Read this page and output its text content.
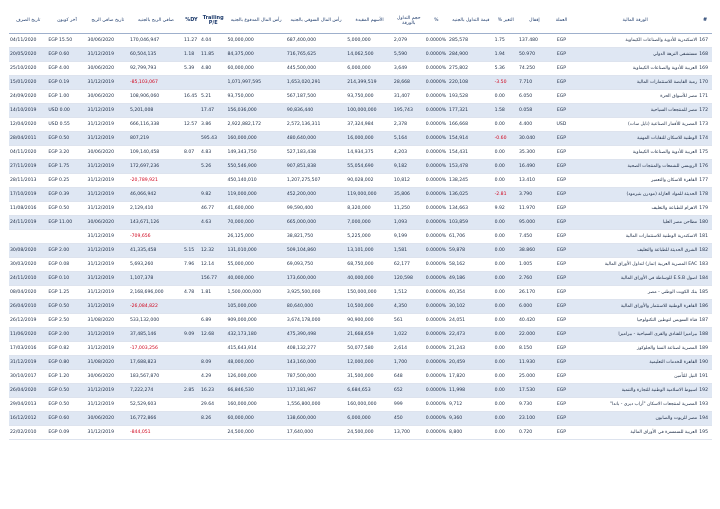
#	الورقة المالية	العملة	إقفال	التغير %	قيمة التداول بالجنيه	%	حجم التداول بالورقة	الأسهم المقيدة	رأس المال السوقي بالجنيه	رأس المال المدفوع بالجنيه	Trailing P/E	DY%	صافي الربح بالجنيه	تاريخ صافي الربح	آخر كوبون	تاريخ الصرف
167	الاسكندرية للأدوية والصناعات الكيماوية	EGP	137.480	1.75	285,578	0.0000%	2,079	5,000,000	687,400,000	50,000,000	4.04	11.27	170,046,947	30/06/2020	EGP 15.50	04/11/2020
168	مستشفى النزهة الدولي	EGP	50.970	1.94	284,900	0.0000%	5,590	14,062,500	716,765,625	84,375,000	11.85	1.18	60,504,135	31/12/2019	EGP 0.60	20/05/2020
169	العربية للأدوية والصناعات الكيماوية	EGP	74.250	5.36	275,802	0.0000%	3,649	6,000,000	445,500,000	60,000,000	4.80	5.39	92,799,793	30/06/2020	EGP 4.00	25/10/2020
170	رمبة القابضة للاستثمارات المالية	EGP	7.710	-3.50	220,108	0.0000%	28,668	214,399,519	1,653,020,291	1,071,997,595			-85,103,067	31/12/2019	EGP 0.19	15/01/2020
171	مصر للأسواق الحرة	EGP	6.050	0.00	193,528	0.0000%	31,407	93,750,000	567,187,500	93,750,000	5.21	16.45	108,906,060	30/06/2020	EGP 1.00	24/09/2020
172	مصر للمنتجعات السياحية	EGP	0.058	1.58	177,321	0.0000%	195,743	100,000,000	90,836,440	156,036,000	17.47		5,201,008	31/12/2019	USD 0.00	14/10/2019
173	المصرية للأقمار الصناعية (نايل سات)	USD	4.400	0.00	166,668	0.0000%	2,378	37,324,984	2,572,136,311	2,922,882,172	3.86	12.57	666,116,338	31/12/2019	USD 0.55	12/04/2020
174	الوطنية للاسكان للنقابات المهنية	EGP	30.040	-0.60	154,914	0.0000%	5,164	16,000,000	480,640,000	160,000,000	595.43		807,219	31/12/2019	EGP 0.50	28/04/2011
175	العربية للأدوية والصناعات الكيماوية	EGP	35.300	0.00	154,431	0.0000%	4,203	14,934,375	527,183,438	149,343,750	4.83	8.07	109,140,458	30/06/2020	EGP 3.20	04/11/2020
176	الروبسي للشمعات والمنتجات الصحية	EGP	16.490	0.00	153,478	0.0000%	9,182	55,054,690	907,851,838	550,546,900	5.26		172,697,236	31/12/2019	EGP 1.75	27/11/2019
177	القاهرة للاسكان والتعمير	EGP	13.410	0.00	138,245	0.0000%	10,812	90,028,002	1,207,275,507	450,140,010			-20,789,921	31/12/2019	EGP 0.25	28/11/2013
178	الحديثة للمواد العازلة (مودرن بتيرمود)	EGP	3.790	-2.81	136,025	0.0000%	35,806	119,000,000	452,200,000	119,000,000	9.82		46,066,942	31/12/2019	EGP 0.39	17/10/2019
179	الاهرام للطباعة والتغليف	EGP	11.970	9.92	134,663	0.0000%	11,250	8,320,000	99,590,400	41,600,000	46.77		2,129,410	31/12/2019	EGP 0.50	11/08/2016
180	مطاحن مصر العليا	EGP	95.000	0.00	103,859	0.0000%	1,093	7,000,000	665,000,000	70,000,000	4.63		143,671,126	30/06/2020	EGP 11.00	24/11/2019
181	الاسكندرية الوطنية للاستثمارات المالية	EGP	7.450	0.00	61,706	0.0000%	9,199	5,225,000	38,821,750	26,125,000			-709,656	31/12/2019		
182	الشرق الحديثة للطباعة والتغليف	EGP	38.860	0.00	59,878	0.0000%	1,581	13,101,000	509,104,860	131,010,000	12.32	5.15	41,335,458	31/12/2019	EGP 2.00	30/08/2020
183	EAC المصرية العربية (ثمار) لتداول الأوراق المالية	EGP	1.005	0.00	58,162	0.0000%	62,177	68,750,000	69,093,750	55,000,000	12.14	7.96	5,693,260	31/12/2019	EGP 0.08	30/03/2020
184	اصول E.S.B للوساطة في الأوراق المالية	EGP	2.760	0.00	49,186	0.0000%	120,598	40,000,000	173,600,000	40,000,000	156.77		1,107,378	31/12/2019	EGP 0.10	24/11/2010
185	بنك الكويت الوطني - مصر	EGP	26.170	0.00	40,354	0.0000%	1,512	150,000,000	3,925,500,000	1,500,000,000	1.81	4.78	2,168,696,000	31/12/2019	EGP 1.25	08/04/2020
186	القاهرة الوطنية للاستثمار والأوراق المالية	EGP	6.000	0.00	30,102	0.0000%	4,350	10,500,000	80,640,000	105,000,000			-26,084,822	31/12/2019	EGP 0.50	26/04/2010
187	قناة السويس لتوطين التكنولوجيا	EGP	40.420	0.00	24,051	0.0000%	561	90,900,000	3,674,178,000	909,000,000	6.89		533,132,000	31/08/2020	EGP 2.50	26/12/2019
188	بيراميزا للفنادق والقرى السياحية - بيراميزا	EGP	22.000	0.00	22,473	0.0000%	1,022	21,668,659	475,390,498	432,173,180	12.68	9.09	37,485,146	31/12/2019	EGP 2.00	11/06/2020
189	المصرية لصناعة النشا والجلوكوز	EGP	8.150	0.00	21,243	0.0000%	2,614	50,077,580	408,132,277	415,643,914			-17,003,256	31/12/2019	EGP 0.82	17/03/2016
190	القاهرة للخدمات التعليمية	EGP	11.930	0.00	20,459	0.0000%	1,700	12,000,000	143,160,000	48,000,000	8.09		17,688,823	31/08/2020	EGP 0.80	31/12/2019
191	النيل للتأمين	EGP	25.000	0.00	17,820	0.0000%	648	31,500,000	787,500,000	126,000,000	4.29		183,567,870	30/06/2020	EGP 1.20	30/10/2017
192	اسيوط الاسلامية الوطنية للتجارة والتنمية	EGP	17.530	0.00	11,998	0.0000%	652	6,684,653	117,181,967	66,846,530	16.23	2.85	7,222,274	31/12/2019	EGP 0.50	26/04/2020
193	المصرية لمنتجعات الاسكان "أراب ديري - باندا"	EGP	9.730	0.00	9,712	0.0000%	999	160,000,000	1,556,800,000	160,000,000	29.64		52,529,603	31/12/2019	EGP 0.50	29/04/2013
194	مصر للزيوت والصابون	EGP	23.100	0.00	9,360	0.0000%	450	6,000,000	138,600,000	60,000,000	8.26		16,772,866	30/06/2020	EGP 0.60	16/12/2012
195	العربية للسمسرة في الأوراق المالية	EGP	0.720	0.00	8,800	0.0000%	13,700	24,500,000	17,640,000	24,500,000			-844,051	31/12/2019	EGP 0.09	22/02/2010
